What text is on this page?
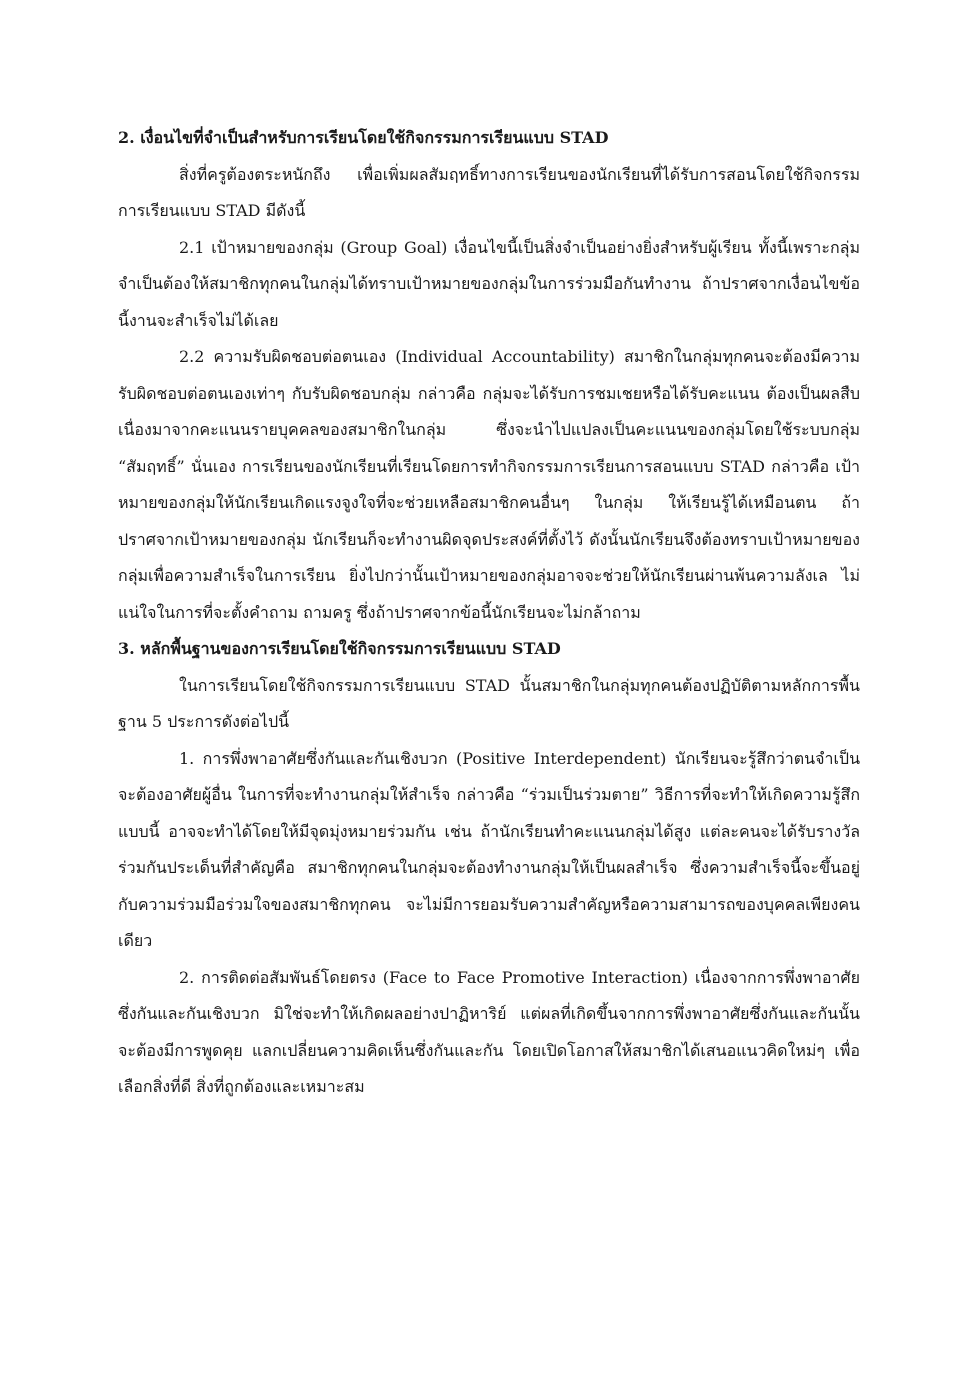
2. เงื่อนไขที่จำเป็นสำหรับการเรียนโดยใช้กิจกรรมการเรียนแบบ STAD

สิ่งที่ครูต้องตระหนักถึง เพื่อเพิ่มผลสัมฤทธิ์ทางการเรียนของนักเรียนที่ได้รับการสอนโดยใช้กิจกรรมการเรียนแบบ STAD มีดังนี้

2.1 เป้าหมายของกลุ่ม (Group Goal) เงื่อนไขนี้เป็นสิ่งจำเป็นอย่างยิ่งสำหรับผู้เรียน ทั้งนี้เพราะกลุ่มจำเป็นต้องให้สมาชิกทุกคนในกลุ่มได้ทราบเป้าหมายของกลุ่มในการร่วมมือกันทำงาน ถ้าปราศจากเงื่อนไขข้อนี้งานจะสำเร็จไม่ได้เลย

2.2 ความรับผิดชอบต่อตนเอง (Individual Accountability) สมาชิกในกลุ่มทุกคนจะต้องมีความรับผิดชอบต่อตนเองเท่าๆ กับรับผิดชอบกลุ่ม กล่าวคือ กลุ่มจะได้รับการชมเชยหรือได้รับคะแนน ต้องเป็นผลสืบเนื่องมาจากคะแนนรายบุคคลของสมาชิกในกลุ่ม ซึ่งจะนำไปแปลงเป็นคะแนนของกลุ่มโดยใช้ระบบกลุ่ม “สัมฤทธิ์” นั่นเอง การเรียนของนักเรียนที่เรียนโดยการทำกิจกรรมการเรียนการสอนแบบ STAD กล่าวคือ เป้าหมายของกลุ่มให้นักเรียนเกิดแรงจูงใจที่จะช่วยเหลือสมาชิกคนอื่นๆ ในกลุ่ม ให้เรียนรู้ได้เหมือนตน ถ้าปราศจากเป้าหมายของกลุ่ม นักเรียนก็จะทำงานผิดจุดประสงค์ที่ตั้งไว้ ดังนั้นนักเรียนจึงต้องทราบเป้าหมายของกลุ่มเพื่อความสำเร็จในการเรียน ยิ่งไปกว่านั้นเป้าหมายของกลุ่มอาจจะช่วยให้นักเรียนผ่านพ้นความลังเล ไม่แน่ใจในการที่จะตั้งคำถาม ถามครู ซึ่งถ้าปราศจากข้อนี้นักเรียนจะไม่กล้าถาม

3. หลักพื้นฐานของการเรียนโดยใช้กิจกรรมการเรียนแบบ STAD

ในการเรียนโดยใช้กิจกรรมการเรียนแบบ STAD นั้นสมาชิกในกลุ่มทุกคนต้องปฏิบัติตามหลักการพื้นฐาน 5 ประการดังต่อไปนี้

1. การพึ่งพาอาศัยซึ่งกันและกันเชิงบวก (Positive Interdependent) นักเรียนจะรู้สึกว่าตนจำเป็นจะต้องอาศัยผู้อื่น ในการที่จะทำงานกลุ่มให้สำเร็จ กล่าวคือ “ร่วมเป็นร่วมตาย” วิธีการที่จะทำให้เกิดความรู้สึกแบบนี้ อาจจะทำได้โดยให้มีจุดมุ่งหมายร่วมกัน เช่น ถ้านักเรียนทำคะแนนกลุ่มได้สูง แต่ละคนจะได้รับรางวัลร่วมกันประเด็นที่สำคัญคือ สมาชิกทุกคนในกลุ่มจะต้องทำงานกลุ่มให้เป็นผลสำเร็จ ซึ่งความสำเร็จนี้จะขึ้นอยู่กับความร่วมมือร่วมใจของสมาชิกทุกคน จะไม่มีการยอมรับความสำคัญหรือความสามารถของบุคคลเพียงคนเดียว

2. การติดต่อสัมพันธ์โดยตรง (Face to Face Promotive Interaction) เนื่องจากการพึ่งพาอาศัยซึ่งกันและกันเชิงบวก มิใช่จะทำให้เกิดผลอย่างปาฏิหาริย์ แต่ผลที่เกิดขึ้นจากการพึ่งพาอาศัยซึ่งกันและกันนั้นจะต้องมีการพูดคุย แลกเปลี่ยนความคิดเห็นซึ่งกันและกัน โดยเปิดโอกาสให้สมาชิกได้เสนอแนวคิดใหม่ๆ เพื่อเลือกสิ่งที่ดี สิ่งที่ถูกต้องและเหมาะสม
